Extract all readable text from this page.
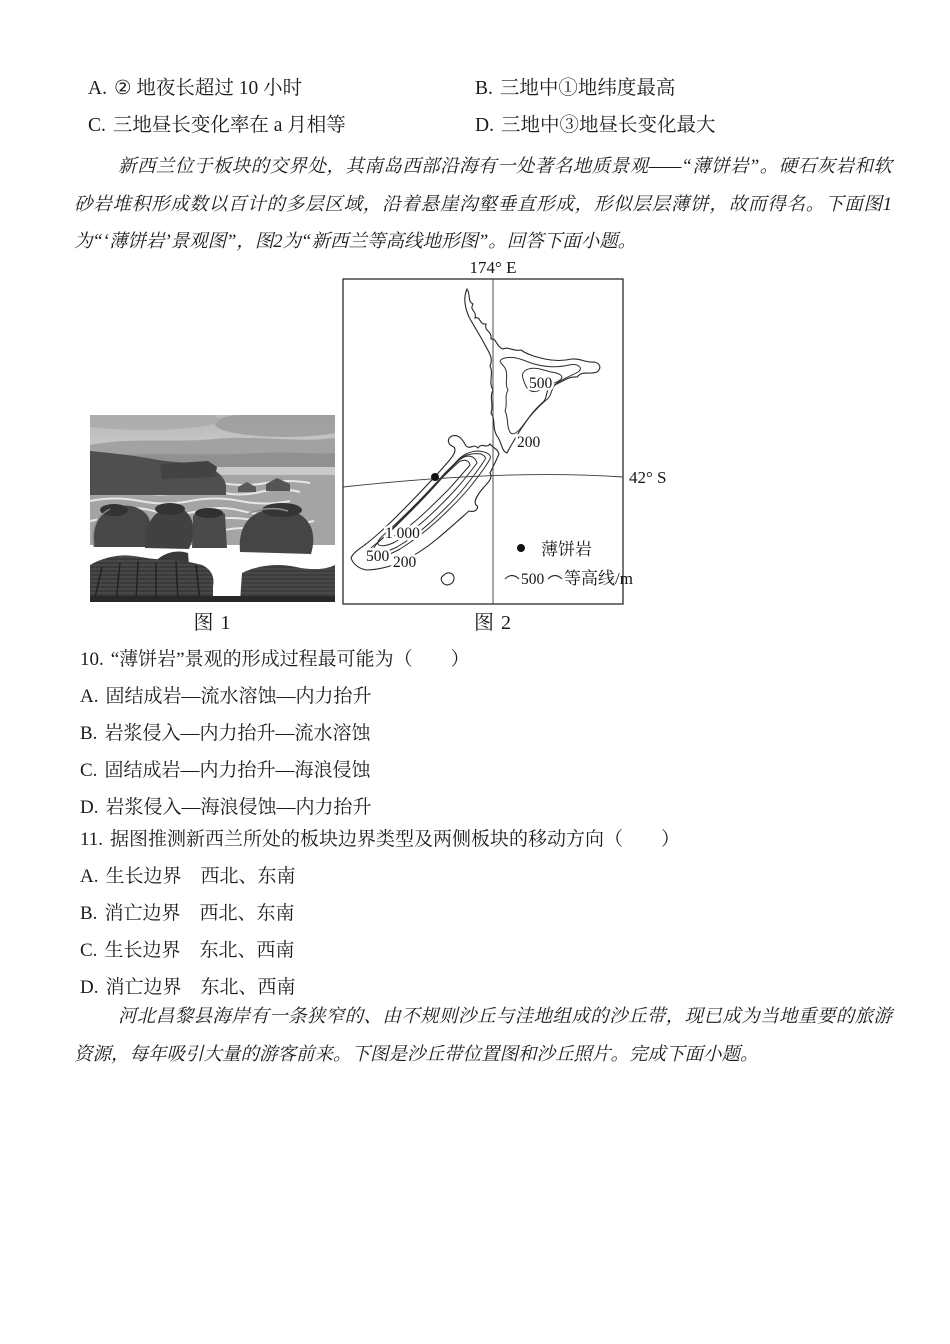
A. ② 地夜长超过 10 小时	B. 三地中①地纬度最高
C. 三地昼长变化率在 a 月相等	D. 三地中③地昼长变化最大
新西兰位于板块的交界处，其南岛西部沿海有一处著名地质景观——“薄饼岩”。硬石灰岩和软砂岩堆积形成数以百计的多层区域，沿着悬崖沟壑垂直形成，形似层层薄饼，故而得名。下面图1为“‘薄饼岩’景观图”，图2为“新西兰等高线地形图”。回答下面小题。
图 1
174° E
42° S
500
200
1 000
500 200
薄饼岩
500 等高线/m
图 2
10. “薄饼岩”景观的形成过程最可能为（　　）
A. 固结成岩—流水溶蚀—内力抬升
B. 岩浆侵入—内力抬升—流水溶蚀
C. 固结成岩—内力抬升—海浪侵蚀
D. 岩浆侵入—海浪侵蚀—内力抬升
11. 据图推测新西兰所处的板块边界类型及两侧板块的移动方向（　　）
A. 生长边界　西北、东南
B. 消亡边界　西北、东南
C. 生长边界　东北、西南
D. 消亡边界　东北、西南
河北昌黎县海岸有一条狭窄的、由不规则沙丘与洼地组成的沙丘带，现已成为当地重要的旅游资源，每年吸引大量的游客前来。下图是沙丘带位置图和沙丘照片。完成下面小题。
